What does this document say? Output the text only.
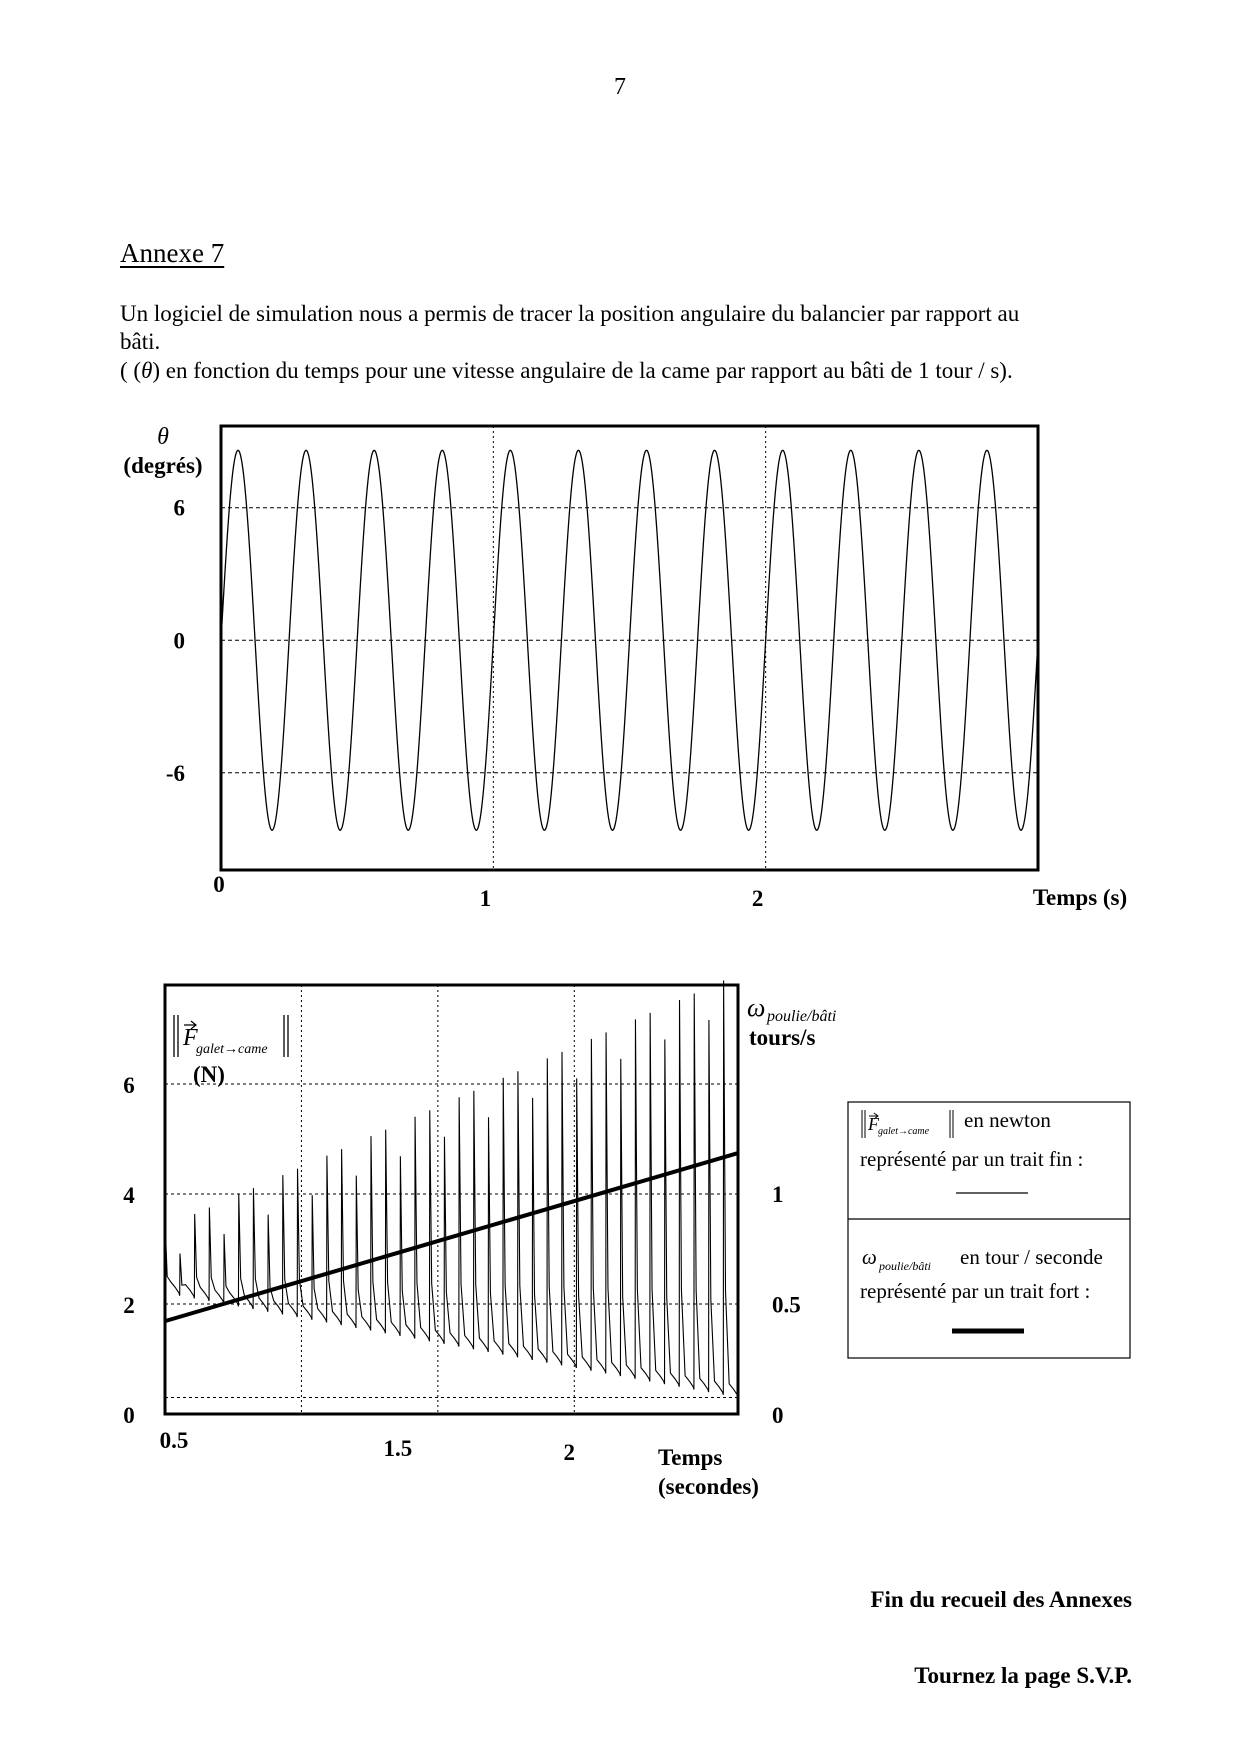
7
Annexe 7
Un logiciel de simulation nous a permis de tracer la position angulaire du balancier par rapport au
bâti.
( (θ) en fonction du temps pour une vitesse angulaire de la came par rapport au bâti de 1 tour / s).
θ
(degrés)
6
0
-6
0
1	2	Temps (s)
F
galet→came
(N)
ω poulie/bâti
tours/s
6
4
2
0
1
0.5
0
0.5	1.5	2	Temps
(secondes)
F galet→came en newton
représenté par un trait fin :
ω poulie/bâti en tour / seconde
représenté par un trait fort :
Fin du recueil des Annexes
Tournez la page S.V.P.
